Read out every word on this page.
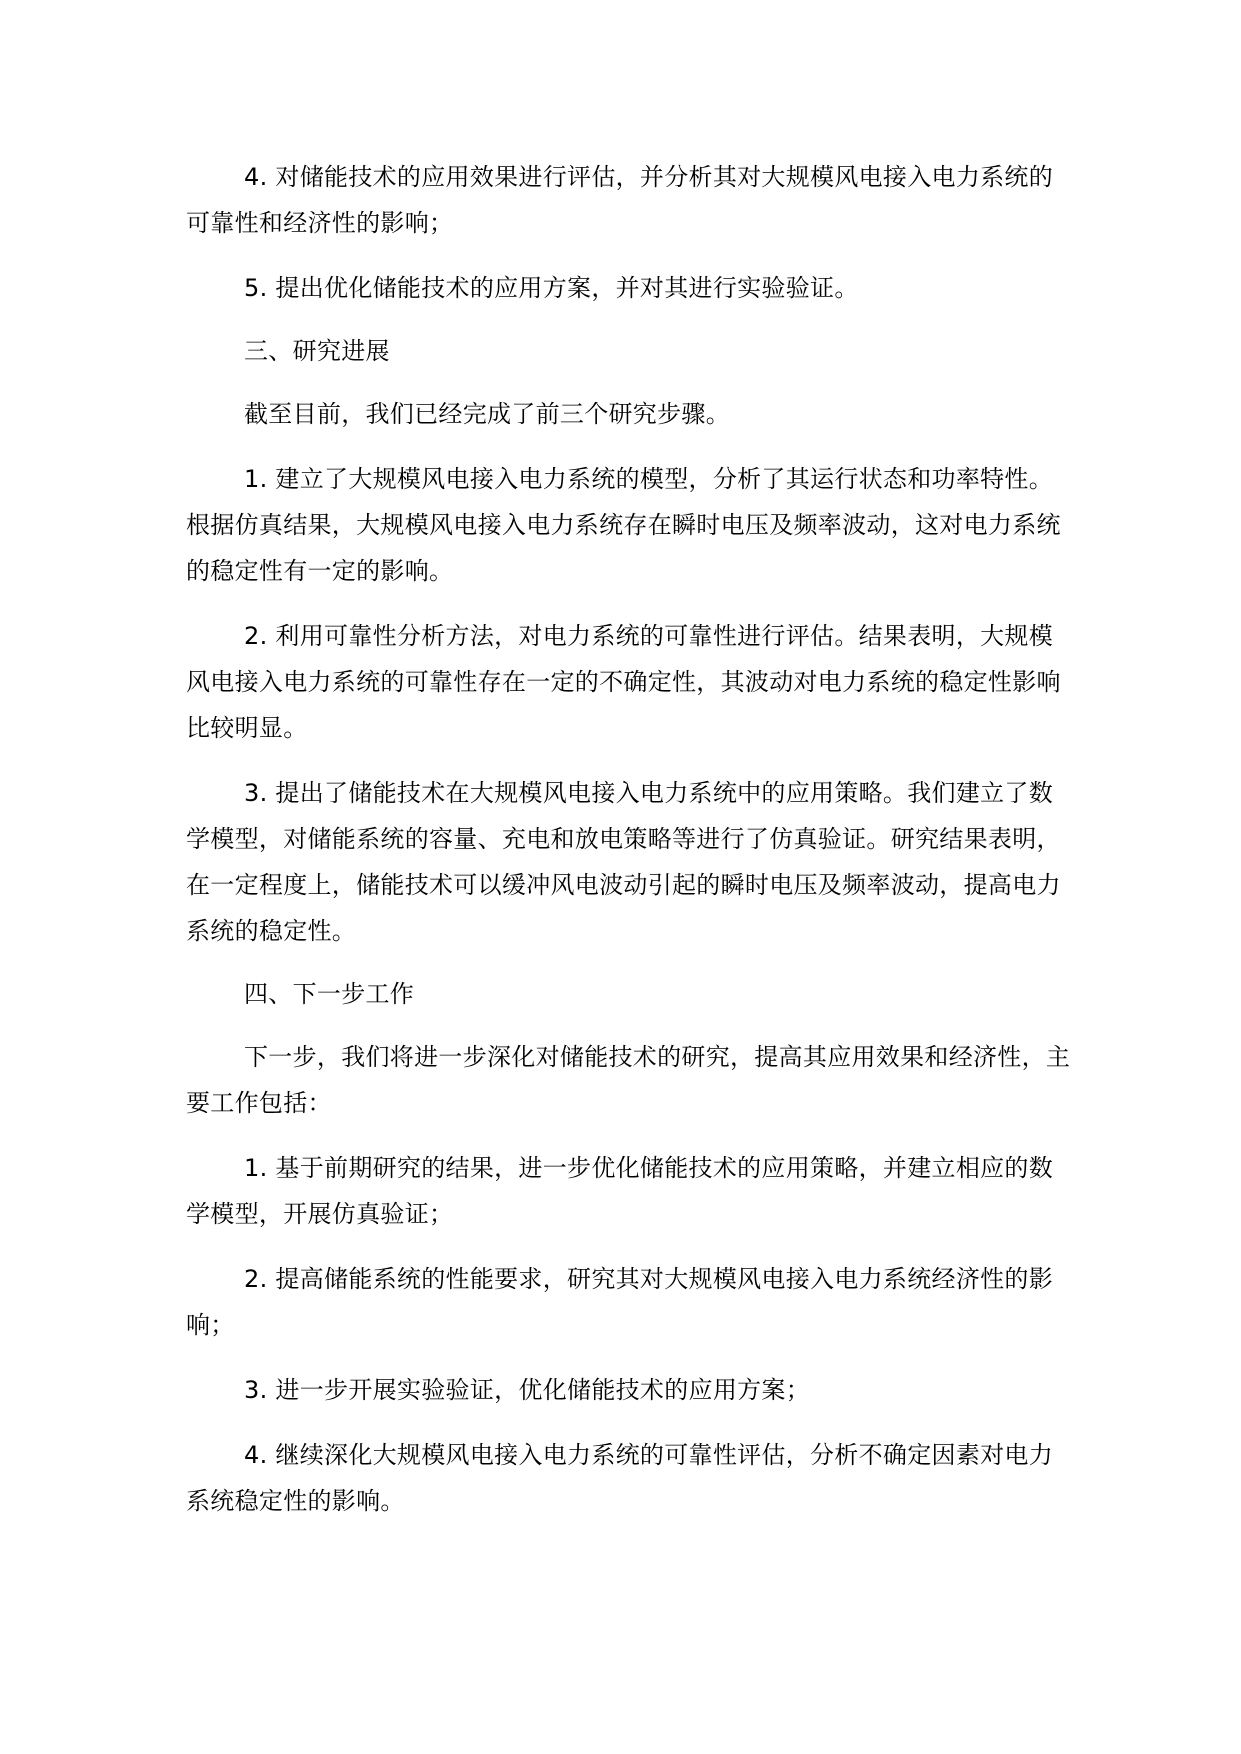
4. 对储能技术的应用效果进行评估，并分析其对大规模风电接入电力系统的可靠性和经济性的影响；

5. 提出优化储能技术的应用方案，并对其进行实验验证。

三、研究进展

截至目前，我们已经完成了前三个研究步骤。

1. 建立了大规模风电接入电力系统的模型，分析了其运行状态和功率特性。根据仿真结果，大规模风电接入电力系统存在瞬时电压及频率波动，这对电力系统的稳定性有一定的影响。

2. 利用可靠性分析方法，对电力系统的可靠性进行评估。结果表明，大规模风电接入电力系统的可靠性存在一定的不确定性，其波动对电力系统的稳定性影响比较明显。

3. 提出了储能技术在大规模风电接入电力系统中的应用策略。我们建立了数学模型，对储能系统的容量、充电和放电策略等进行了仿真验证。研究结果表明，在一定程度上，储能技术可以缓冲风电波动引起的瞬时电压及频率波动，提高电力系统的稳定性。

四、下一步工作

下一步，我们将进一步深化对储能技术的研究，提高其应用效果和经济性，主要工作包括：

1. 基于前期研究的结果，进一步优化储能技术的应用策略，并建立相应的数学模型，开展仿真验证；

2. 提高储能系统的性能要求，研究其对大规模风电接入电力系统经济性的影响；

3. 进一步开展实验验证，优化储能技术的应用方案；

4. 继续深化大规模风电接入电力系统的可靠性评估，分析不确定因素对电力系统稳定性的影响。
